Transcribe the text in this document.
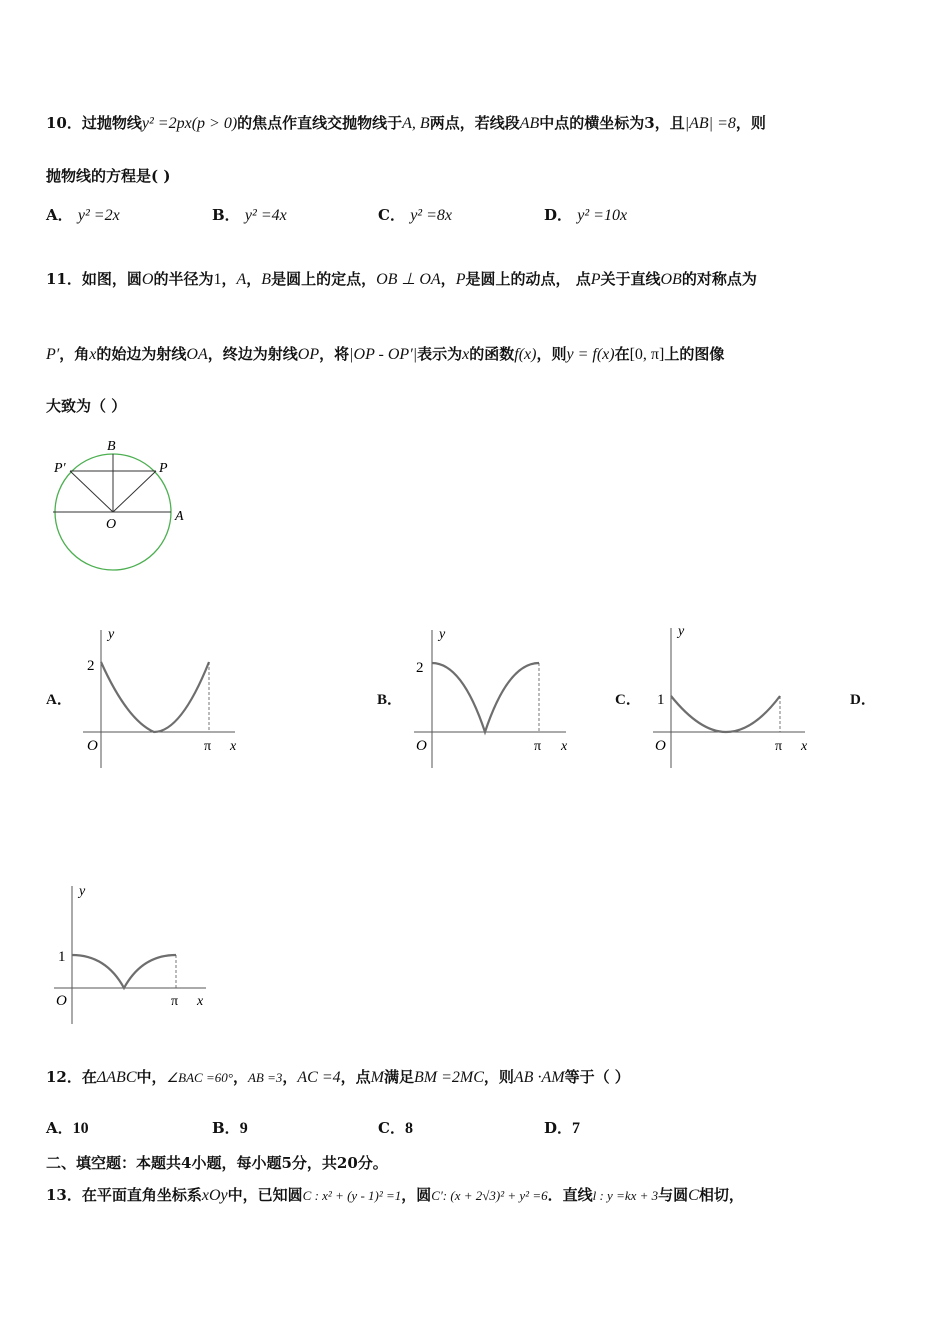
10．过抛物线y² =2px(p > 0)的焦点作直线交抛物线于A, B两点，若线段AB中点的横坐标为3，且|AB| =8，则
抛物线的方程是( )
A． y² =2x	B． y² =4x	C． y² =8x	D． y² =10x
11．如图，圆O的半径为1，A，B是圆上的定点，OB ⊥ OA，P是圆上的动点， 点P关于直线OB的对称点为
P′，角x的始边为射线OA，终边为射线OP，将|OP - OP′|表示为x的函数f(x)，则y = f(x)在[0, π]上的图像
大致为（ ）
B
P′	P
O
A
A．	B．	C．	D．
y
2
O	π x
y
2
O	π x
y
1
O	π x
y
1
O	π x
12．在ΔABC中，∠BAC =60°，AB =3，AC =4，点M满足BM =2MC，则AB ·AM等于（ ）
A．10	B．9	C．8	D．7
二、填空题：本题共4小题，每小题5分，共20分。
13．在平面直角坐标系xOy中，已知圆C : x² + (y - 1)² =1，圆C′: (x + 2√3)² + y² =6．直线l : y =kx + 3与圆C相切，
